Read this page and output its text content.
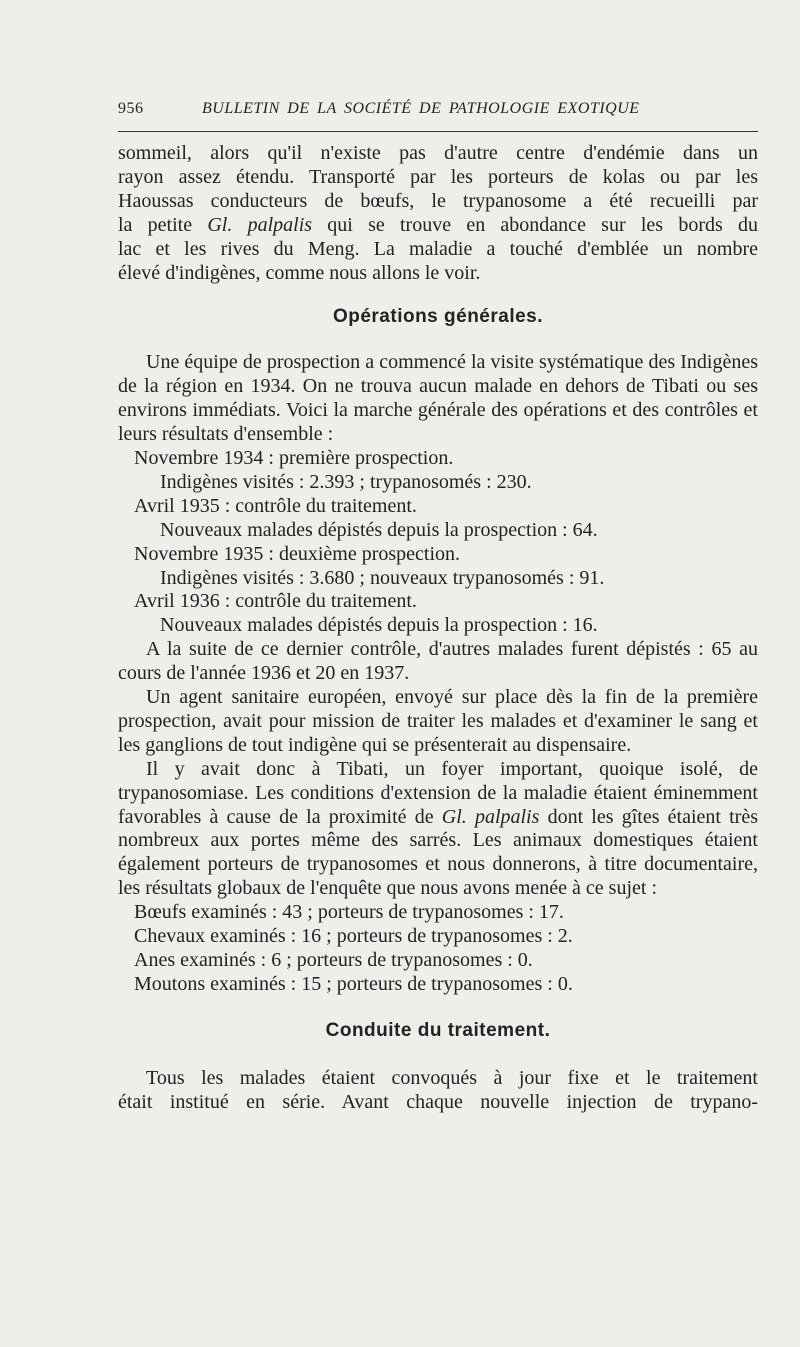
956	BULLETIN DE LA SOCIÉTÉ DE PATHOLOGIE EXOTIQUE

sommeil, alors qu'il n'existe pas d'autre centre d'endémie dans un

rayon assez étendu. Transporté par les porteurs de kolas ou par les

Haoussas conducteurs de bœufs, le trypanosome a été recueilli par

la petite Gl. palpalis qui se trouve en abondance sur les bords du

lac et les rives du Meng. La maladie a touché d'emblée un nombre

élevé d'indigènes, comme nous allons le voir.

Opérations générales.

Une équipe de prospection a commencé la visite systématique des Indigènes de la région en 1934. On ne trouva aucun malade en dehors de Tibati ou ses environs immédiats. Voici la marche générale des opérations et des contrôles et leurs résultats d'ensemble :

Novembre 1934 : première prospection.

Indigènes visités : 2.393 ; trypanosomés : 230.

Avril 1935 : contrôle du traitement.

Nouveaux malades dépistés depuis la prospection : 64.

Novembre 1935 : deuxième prospection.

Indigènes visités : 3.680 ; nouveaux trypanosomés : 91.

Avril 1936 : contrôle du traitement.

Nouveaux malades dépistés depuis la prospection : 16.

A la suite de ce dernier contrôle, d'autres malades furent dépistés : 65 au cours de l'année 1936 et 20 en 1937.

Un agent sanitaire européen, envoyé sur place dès la fin de la première prospection, avait pour mission de traiter les malades et d'examiner le sang et les ganglions de tout indigène qui se présenterait au dispensaire.

Il y avait donc à Tibati, un foyer important, quoique isolé, de trypanosomiase. Les conditions d'extension de la maladie étaient éminemment favorables à cause de la proximité de Gl. palpalis dont les gîtes étaient très nombreux aux portes même des sarrés. Les animaux domestiques étaient également porteurs de trypanosomes et nous donnerons, à titre documentaire, les résultats globaux de l'enquête que nous avons menée à ce sujet :

Bœufs examinés : 43 ; porteurs de trypanosomes : 17.

Chevaux examinés : 16 ; porteurs de trypanosomes : 2.

Anes examinés : 6 ; porteurs de trypanosomes : 0.

Moutons examinés : 15 ; porteurs de trypanosomes : 0.

Conduite du traitement.

Tous les malades étaient convoqués à jour fixe et le traitement

était institué en série. Avant chaque nouvelle injection de trypano-
